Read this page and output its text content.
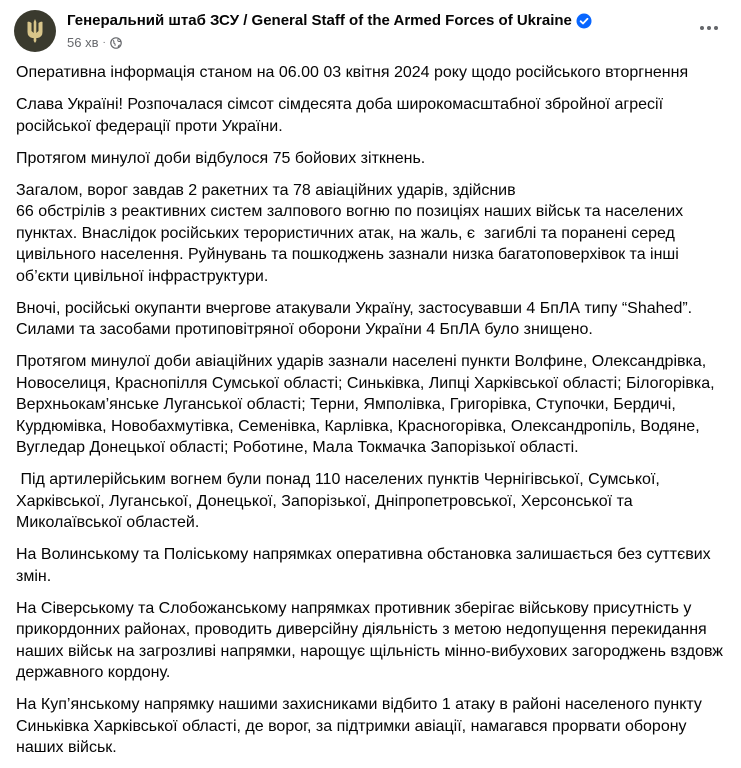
Генеральний штаб ЗСУ / General Staff of the Armed Forces of Ukraine
56 хв ·

Оперативна інформація станом на 06.00 03 квітня 2024 року щодо російського вторгнення

Слава Україні! Розпочалася сімсот сімдесята доба широкомасштабної збройної агресії російської федерації проти України.

Протягом минулої доби відбулося 75 бойових зіткнень.

Загалом, ворог завдав 2 ракетних та 78 авіаційних ударів, здійснив
66 обстрілів з реактивних систем залпового вогню по позиціях наших військ та населених пунктах. Внаслідок російських терористичних атак, на жаль, є  загиблі та поранені серед цивільного населення. Руйнувань та пошкоджень зазнали низка багатоповерхівок та інші об’єкти цивільної інфраструктури.

Вночі, російські окупанти вчергове атакували Україну, застосувавши 4 БпЛА типу “Shahed”. Силами та засобами протиповітряної оборони України 4 БпЛА було знищено.

Протягом минулої доби авіаційних ударів зазнали населені пункти Волфине, Олександрівка, Новоселиця, Краснопілля Сумської області; Синьківка, Липці Харківської області; Білогорівка, Верхньокам’янське Луганської області; Терни, Ямполівка, Григорівка, Ступочки, Бердичі, Курдюмівка, Новобахмутівка, Семенівка, Карлівка, Красногорівка, Олександропіль, Водяне, Вугледар Донецької області; Роботине, Мала Токмачка Запорізької області.

Під артилерійським вогнем були понад 110 населених пунктів Чернігівської, Сумської, Харківської, Луганської, Донецької, Запорізької, Дніпропетровської, Херсонської та Миколаївської областей.

На Волинському та Поліському напрямках оперативна обстановка залишається без суттєвих змін.

На Сіверському та Слобожанському напрямках противник зберігає військову присутність у прикордонних районах, проводить диверсійну діяльність з метою недопущення перекидання наших військ на загрозливі напрямки, нарощує щільність мінно-вибухових загороджень вздовж державного кордону.

На Куп’янському напрямку нашими захисниками відбито 1 атаку в районі населеного пункту Синьківка Харківської області, де ворог, за підтримки авіації, намагався прорвати оборону наших військ.
